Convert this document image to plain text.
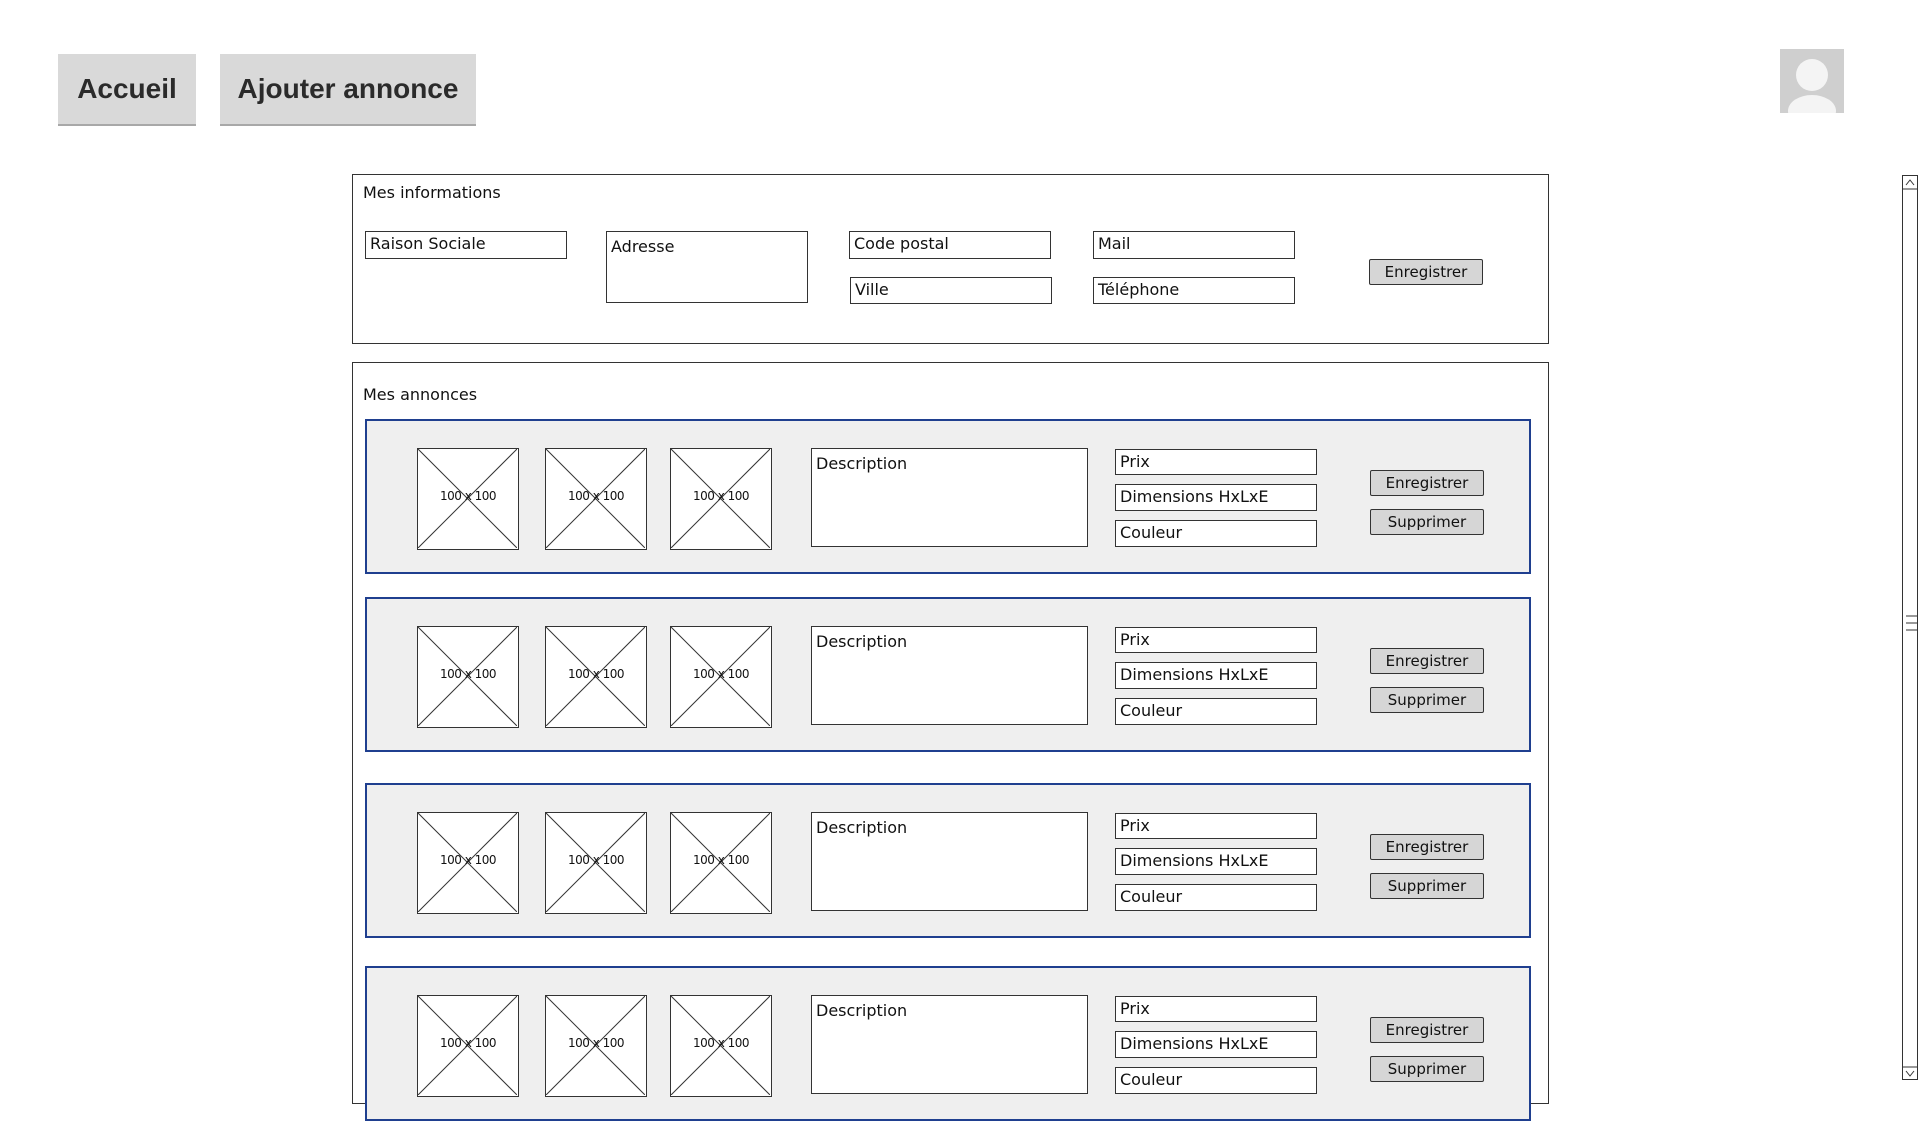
Accueil	Ajouter annonce
Mes informations
Raison Sociale	Adresse	Code postal
Ville
Mail
Téléphone
Enregistrer
Mes annonces
100 x 100	100 x 100	100 x 100
Description	Prix
Dimensions HxLxE
Couleur
Enregistrer
Supprimer
100 x 100	100 x 100	100 x 100
Description	Prix
Dimensions HxLxE
Couleur
Enregistrer
Supprimer
100 x 100	100 x 100	100 x 100
Description	Prix
Dimensions HxLxE
Couleur
Enregistrer
Supprimer
100 x 100	100 x 100	100 x 100
Description	Prix
Dimensions HxLxE
Couleur
Enregistrer
Supprimer
